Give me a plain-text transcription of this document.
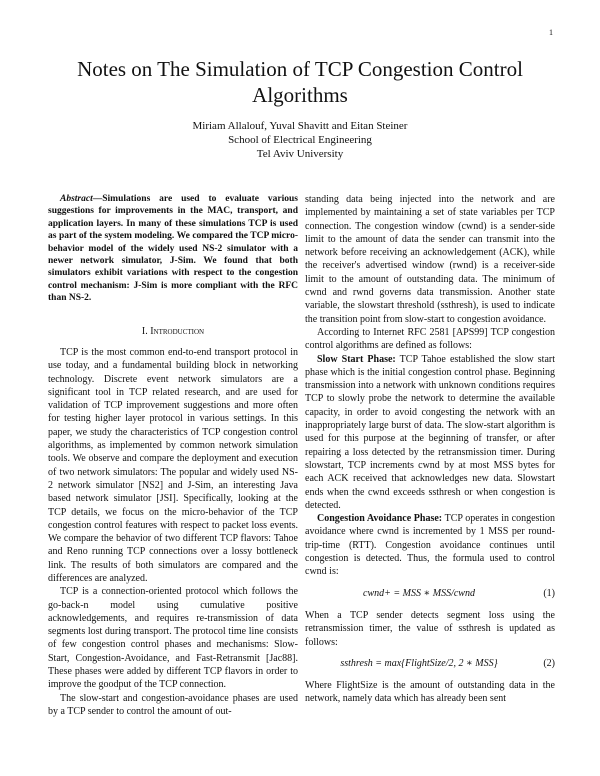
1
Notes on The Simulation of TCP Congestion Control Algorithms
Miriam Allalouf, Yuval Shavitt and Eitan Steiner
School of Electrical Engineering
Tel Aviv University

Abstract—Simulations are used to evaluate various suggestions for improvements in the MAC, transport, and application layers. In many of these simulations TCP is used as part of the system modeling. We compared the TCP micro-behavior model of the widely used NS-2 simulator with a newer network simulator, J-Sim. We found that both simulators exhibit variations with respect to the congestion control mechanism: J-Sim is more compliant with the RFC than NS-2.

I. Introduction

TCP is the most common end-to-end transport protocol in use today, and a fundamental building block in networking technology. Discrete event network simulators are a significant tool in TCP related research, and are used for validation of TCP improvement suggestions and more often for testing higher layer protocol in various settings. In this paper, we study the characteristics of TCP congestion control algorithms, as implemented by common network simulation tools. We observe and compare the deployment and execution of two network simulators: The popular and widely used NS-2 network simulator [NS2] and J-Sim, an interesting Java based network simulator [JSI]. Specifically, looking at the TCP details, we focus on the micro-behavior of the TCP congestion control features with respect to packet loss events. We compare the behavior of two different TCP flavors: Tahoe and Reno running TCP connections over a lossy bottleneck link. The results of both simulators are compared and the differences are analyzed.

TCP is a connection-oriented protocol which follows the go-back-n model using cumulative positive acknowledgements, and requires re-transmission of data segments lost during transport. The protocol time line consists of few congestion control phases and mechanisms: Slow-Start, Congestion-Avoidance, and Fast-Retransmit [Jac88]. These phases were added by different TCP flavors in order to improve the goodput of the TCP connection.

The slow-start and congestion-avoidance phases are used by a TCP sender to control the amount of out-

standing data being injected into the network and are implemented by maintaining a set of state variables per TCP connection. The congestion window (cwnd) is a sender-side limit to the amount of data the sender can transmit into the network before receiving an acknowledgement (ACK), while the receiver's advertised window (rwnd) is a receiver-side limit to the amount of outstanding data. The minimum of cwnd and rwnd governs data transmission. Another state variable, the slowstart threshold (ssthresh), is used to indicate the transition point from slow-start to congestion avoidance.

According to Internet RFC 2581 [APS99] TCP congestion control algorithms are defined as follows:

Slow Start Phase: TCP Tahoe established the slow start phase which is the initial congestion control phase. Beginning transmission into a network with unknown conditions requires TCP to slowly probe the network to determine the available capacity, in order to avoid congesting the network with an inappropriately large burst of data. The slow-start algorithm is used for this purpose at the beginning of transfer, or after repairing a loss detected by the retransmission timer. During slowstart, TCP increments cwnd by at most MSS bytes for each ACK received that acknowledges new data. Slowstart ends when the cwnd exceeds ssthresh or when congestion is detected.

Congestion Avoidance Phase: TCP operates in congestion avoidance where cwnd is incremented by 1 MSS per round-trip-time (RTT). Congestion avoidance continues until congestion is detected. Thus, the formula used to control cwnd is:

cwnd+ = MSS ∗ MSS/cwnd	(1)

When a TCP sender detects segment loss using the retransmission timer, the value of ssthresh is updated as follows:

ssthresh = max{FlightSize/2, 2 ∗ MSS}	(2)

Where FlightSize is the amount of outstanding data in the network, namely data which has already been sent
